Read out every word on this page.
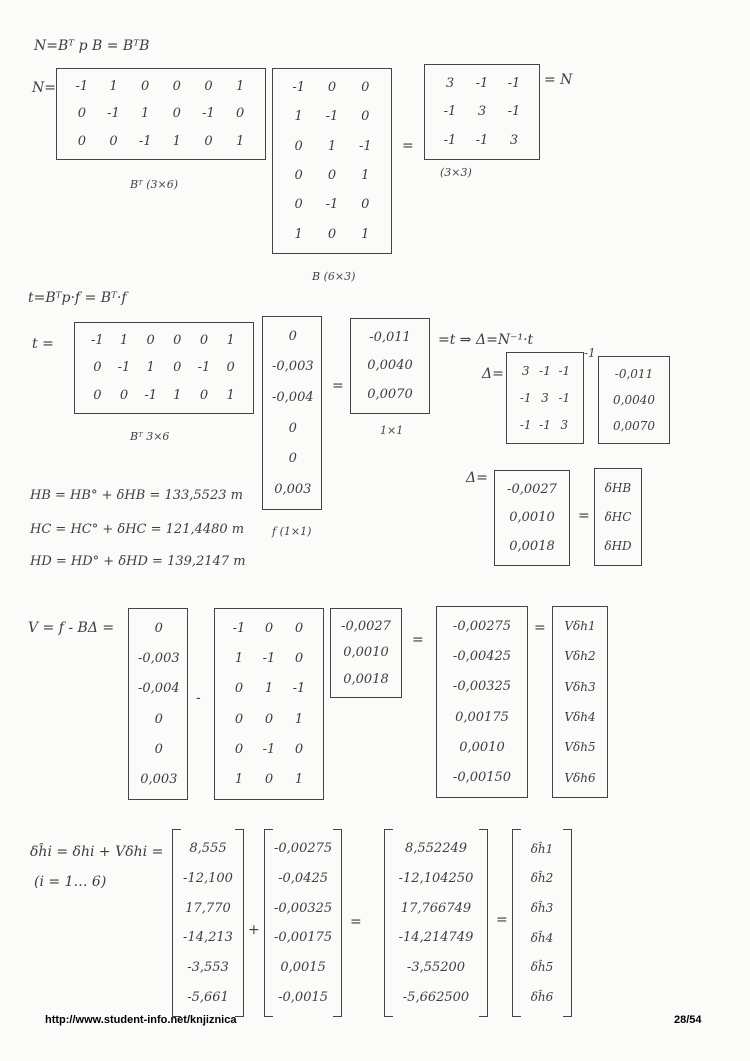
N=Bᵀ p B = BᵀB
N= -1 1 0 0 0 1
0 -1 1 0 -1 0
0 0 -1 1 0 1
Bᵀ (3×6)
-1 0 0
1 -1 0
0 1 -1
0 0 1
0 -1 0
1 0 1
B (6×3)
=
3 -1 -1
-1 3 -1
-1 -1 3
= N
(3×3)
t=Bᵀp·f = Bᵀ·f
t =	-1 1 0 0 0 1
0 -1 1 0 -1 0
0 0 -1 1 0 1
Bᵀ 3×6
0
-0,003
-0,004
0
0
0,003
f (1×1)
=
-0,011
0,0040
0,0070
1×1
=t ⇒ Δ=N⁻¹·t
Δ= 3 -1 -1
-1 3 -1
-1 -1 3
-1
-0,011
0,0040
0,0070
Δ=
-0,0027
0,0010
0,0018
=
δHB
δHC
δHD
HB = HB° + δHB = 133,5523 m
HC = HC° + δHC = 121,4480 m
HD = HD° + δHD = 139,2147 m
V = f - BΔ =	0
-0,003
-0,004
0
0
0,003
-
-1 0 0
1 -1 0
0 1 -1
0 0 1
0 -1 0
1 0 1
-0,0027
0,0010
0,0018
=
-0,00275
-0,00425
-0,00325
0,00175
0,0010
-0,00150
= Vδh1
Vδh2
Vδh3
Vδh4
Vδh5
Vδh6
δĥi = δhi + Vδhi =
(i = 1… 6)
8,555
-12,100
17,770
-14,213
-3,553
-5,661
+
-0,00275
-0,0425
-0,00325
-0,00175
0,0015
-0,0015
=
8,552249
-12,104250
17,766749
-14,214749
-3,55200
-5,662500
=
δĥ1
δĥ2
δĥ3
δĥ4
δĥ5
δĥ6
http://www.student-info.net/knjiznica	28/54
